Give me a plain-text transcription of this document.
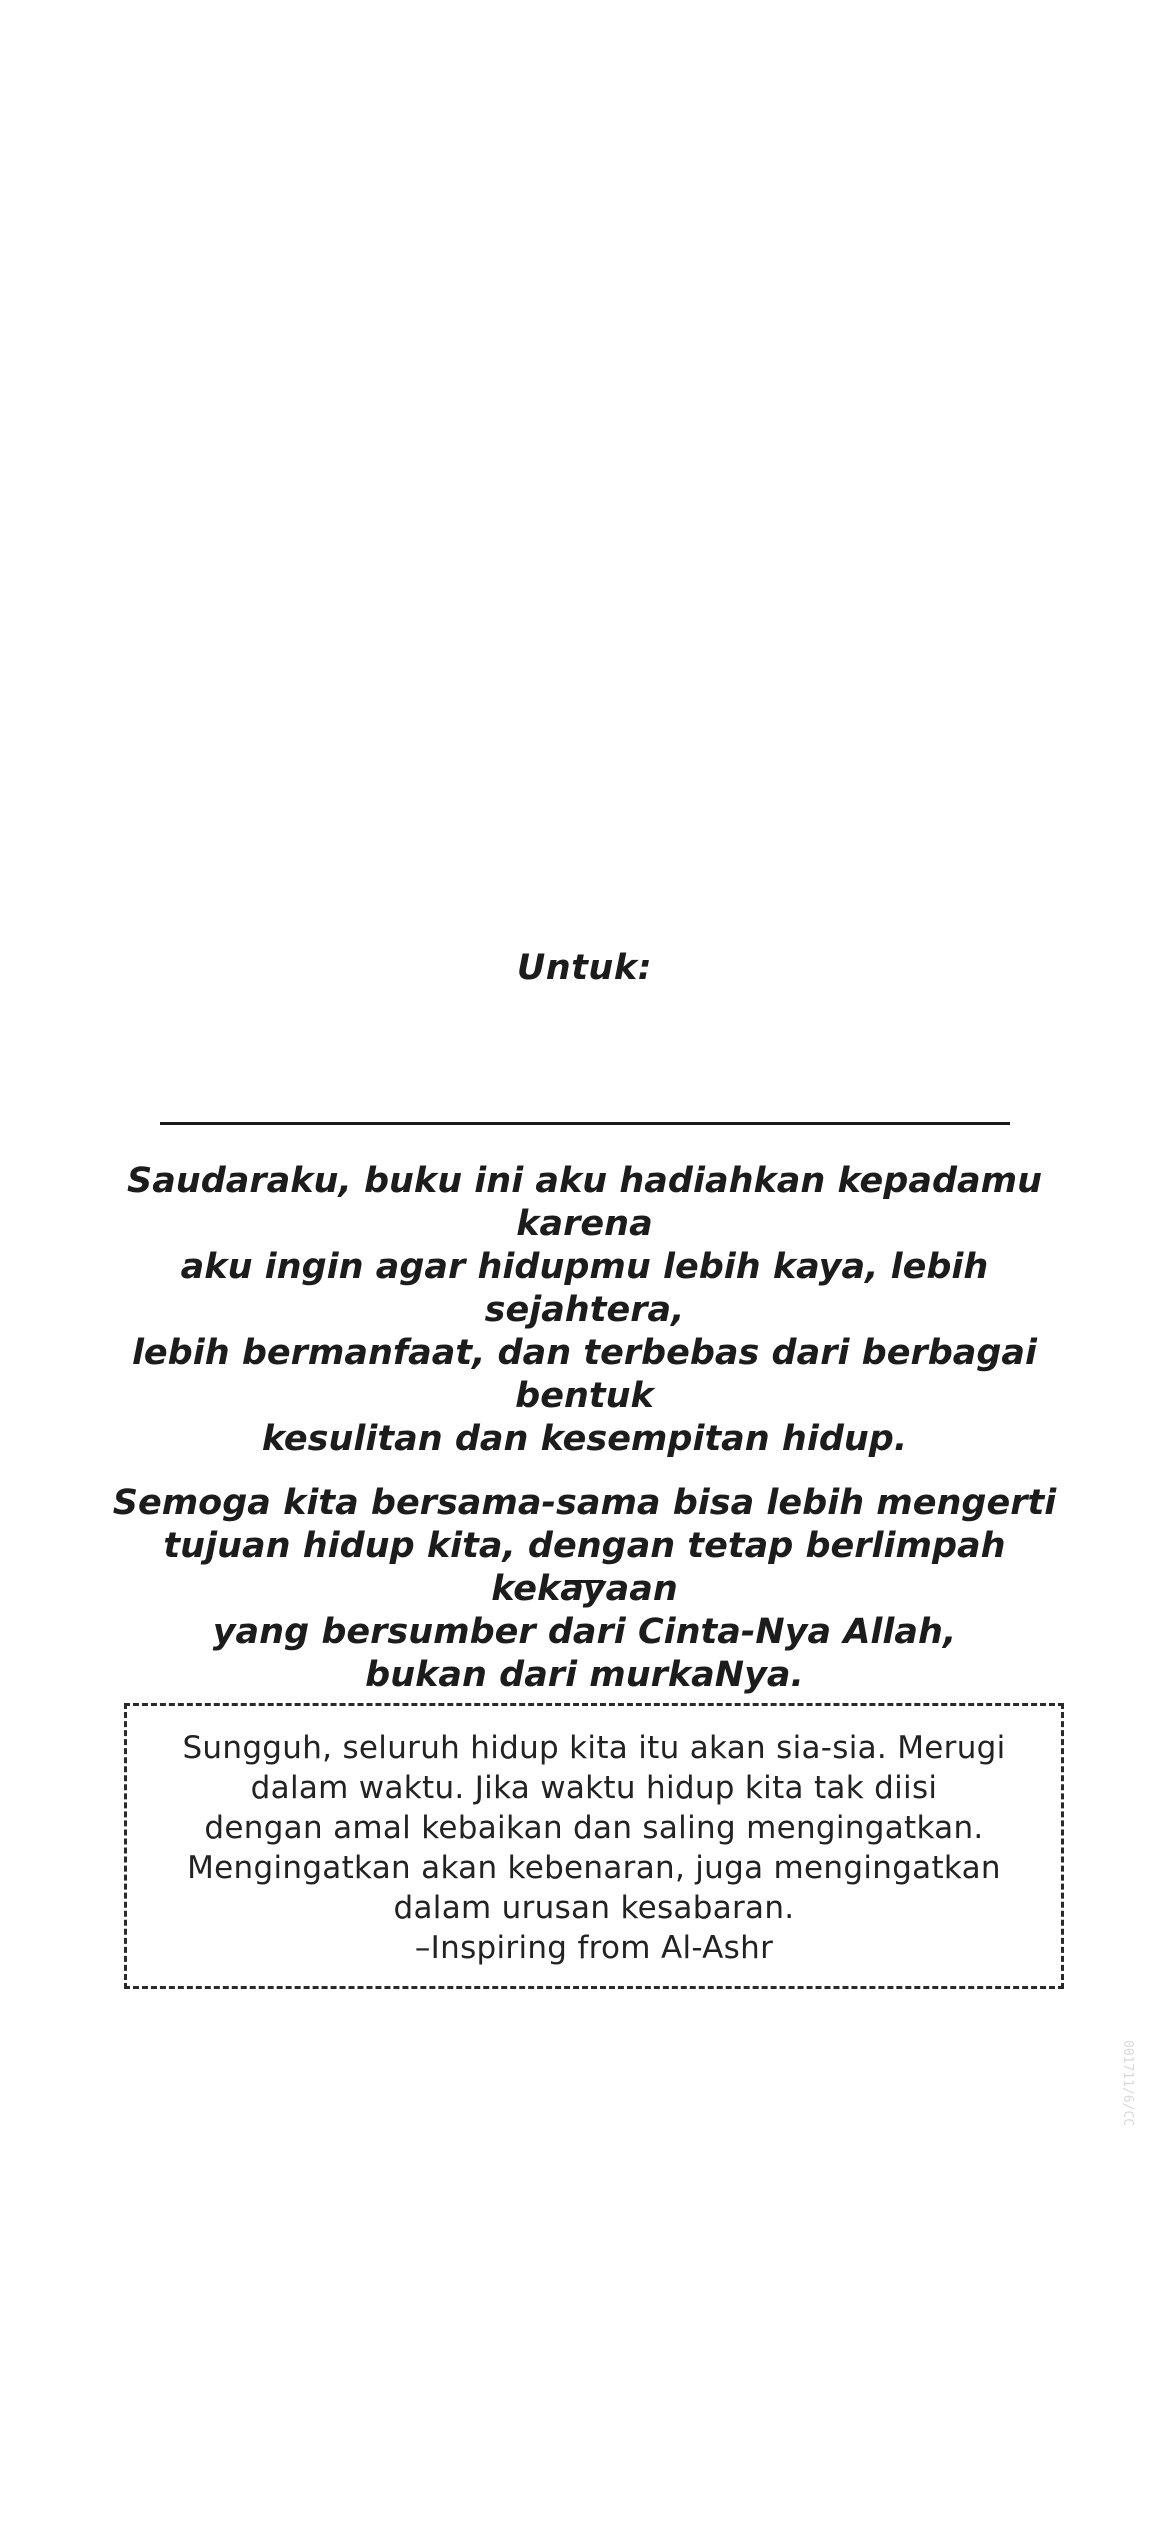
Untuk:

Saudaraku, buku ini aku hadiahkan kepadamu karena
aku ingin agar hidupmu lebih kaya, lebih sejahtera,
lebih bermanfaat, dan terbebas dari berbagai bentuk
kesulitan dan kesempitan hidup.

Semoga kita bersama-sama bisa lebih mengerti
tujuan hidup kita, dengan tetap berlimpah kekayaan
yang bersumber dari Cinta-Nya Allah,
bukan dari murkaNya.

Sungguh, seluruh hidup kita itu akan sia-sia. Merugi
dalam waktu. Jika waktu hidup kita tak diisi
dengan amal kebaikan dan saling mengingatkan.
Mengingatkan akan kebenaran, juga mengingatkan
dalam urusan kesabaran.
–Inspiring from Al-Ashr

001711/6/CC
